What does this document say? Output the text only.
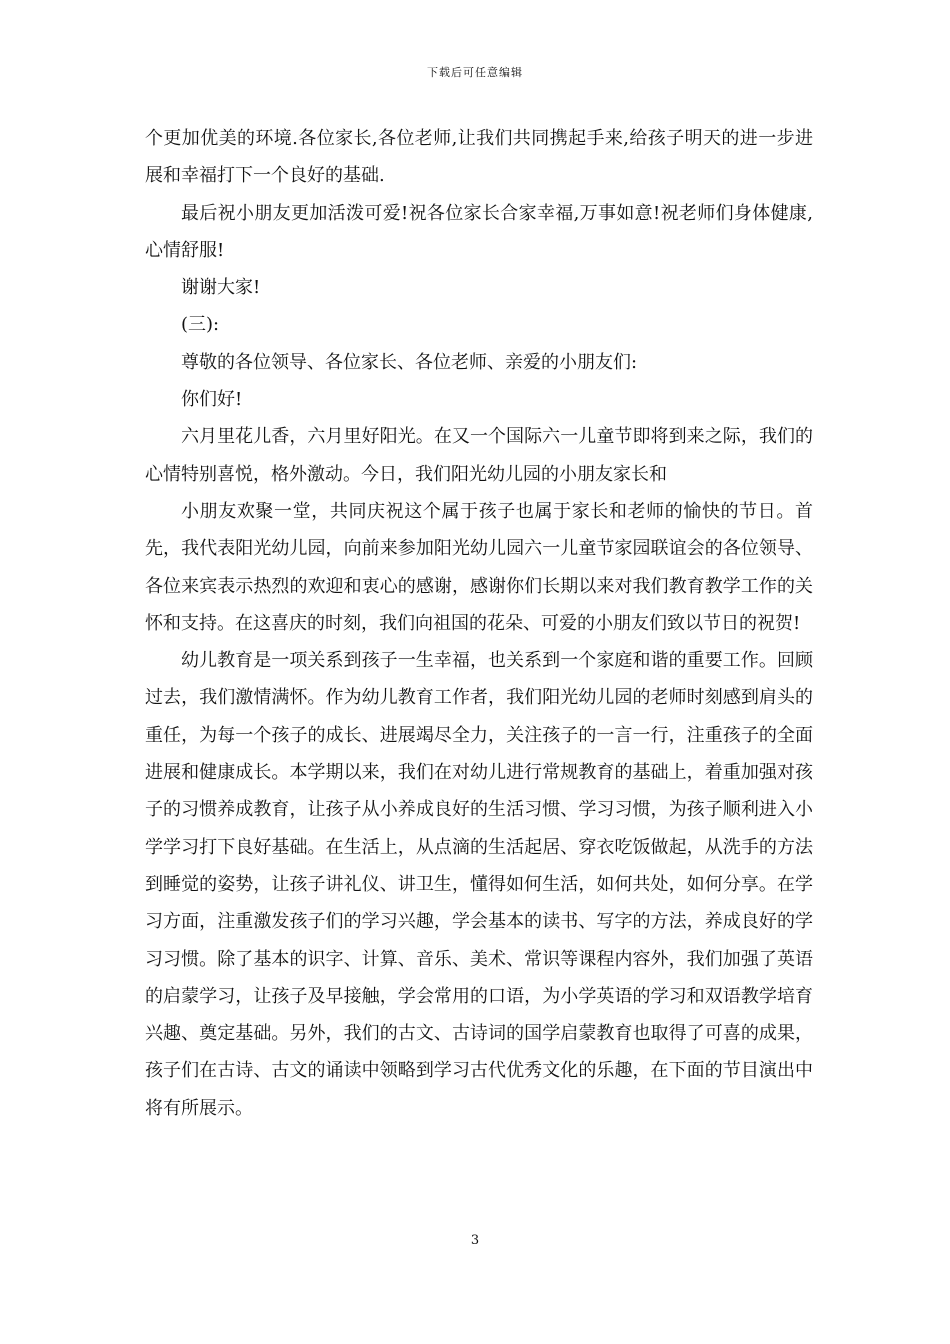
下载后可任意编辑

个更加优美的环境.各位家长,各位老师,让我们共同携起手来,给孩子明天的进一步进展和幸福打下一个良好的基础.

最后祝小朋友更加活泼可爱!祝各位家长合家幸福,万事如意!祝老师们身体健康,心情舒服!

谢谢大家!

(三):

尊敬的各位领导、各位家长、各位老师、亲爱的小朋友们:

你们好!

六月里花儿香，六月里好阳光。在又一个国际六一儿童节即将到来之际，我们的心情特别喜悦，格外激动。今日，我们阳光幼儿园的小朋友家长和

小朋友欢聚一堂，共同庆祝这个属于孩子也属于家长和老师的愉快的节日。首先，我代表阳光幼儿园，向前来参加阳光幼儿园六一儿童节家园联谊会的各位领导、各位来宾表示热烈的欢迎和衷心的感谢，感谢你们长期以来对我们教育教学工作的关怀和支持。在这喜庆的时刻，我们向祖国的花朵、可爱的小朋友们致以节日的祝贺!

幼儿教育是一项关系到孩子一生幸福，也关系到一个家庭和谐的重要工作。回顾过去，我们激情满怀。作为幼儿教育工作者，我们阳光幼儿园的老师时刻感到肩头的重任，为每一个孩子的成长、进展竭尽全力，关注孩子的一言一行，注重孩子的全面进展和健康成长。本学期以来，我们在对幼儿进行常规教育的基础上，着重加强对孩子的习惯养成教育，让孩子从小养成良好的生活习惯、学习习惯，为孩子顺利进入小学学习打下良好基础。在生活上，从点滴的生活起居、穿衣吃饭做起，从洗手的方法到睡觉的姿势，让孩子讲礼仪、讲卫生，懂得如何生活，如何共处，如何分享。在学习方面，注重激发孩子们的学习兴趣，学会基本的读书、写字的方法，养成良好的学习习惯。除了基本的识字、计算、音乐、美术、常识等课程内容外，我们加强了英语的启蒙学习，让孩子及早接触，学会常用的口语，为小学英语的学习和双语教学培育兴趣、奠定基础。另外，我们的古文、古诗词的国学启蒙教育也取得了可喜的成果，孩子们在古诗、古文的诵读中领略到学习古代优秀文化的乐趣，在下面的节目演出中将有所展示。

3
